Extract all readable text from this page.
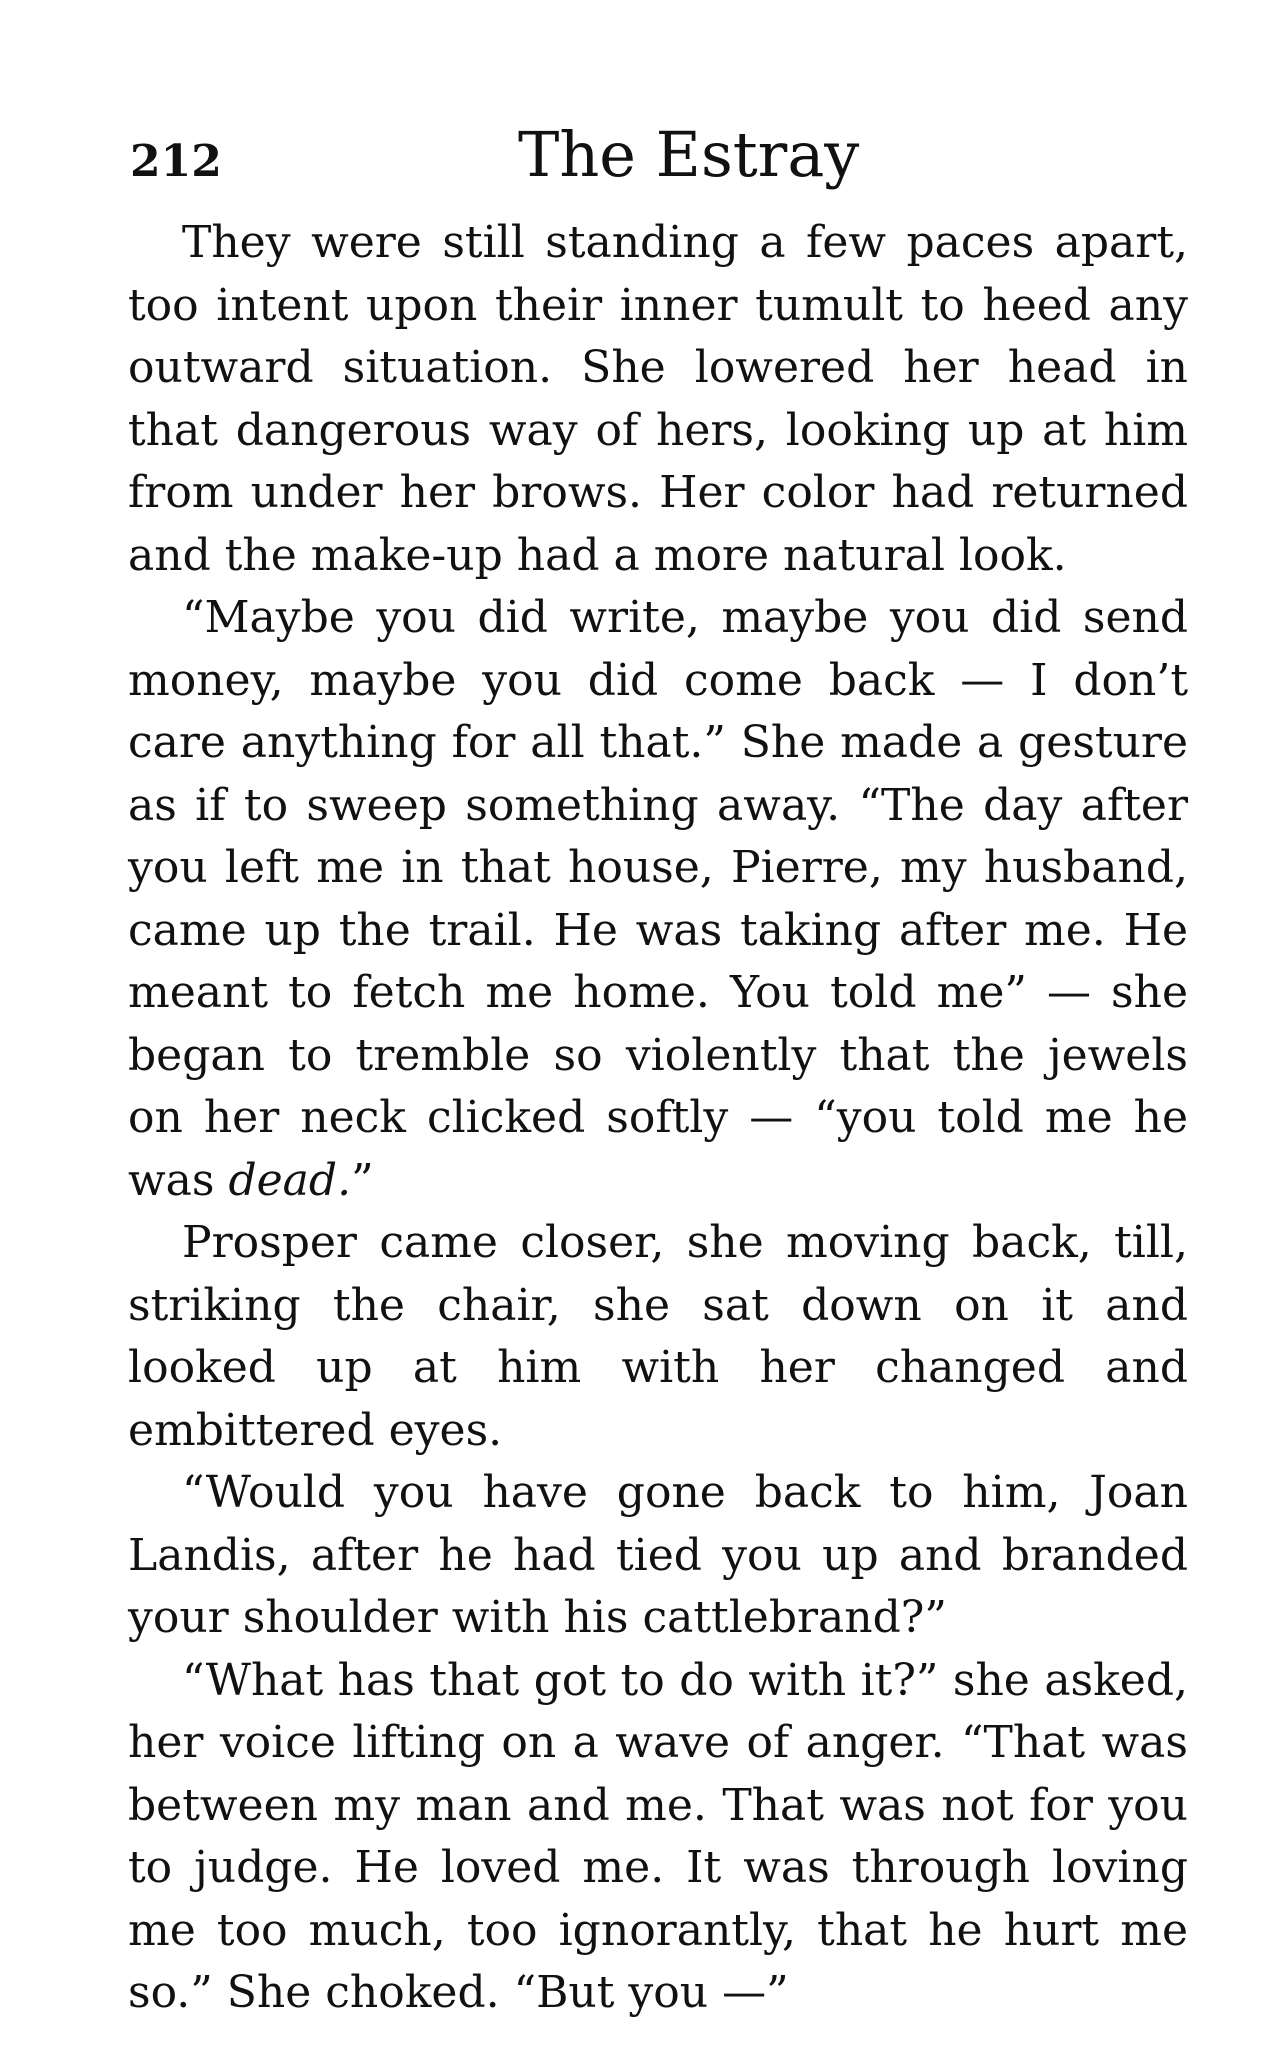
212	The Estray

They were still standing a few paces apart, too intent upon their inner tumult to heed any outward situation. She lowered her head in that dangerous way of hers, looking up at him from under her brows. Her color had returned and the make-up had a more natural look.

“Maybe you did write, maybe you did send money, maybe you did come back — I don’t care anything for all that.” She made a gesture as if to sweep something away. “The day after you left me in that house, Pierre, my husband, came up the trail. He was taking after me. He meant to fetch me home. You told me” — she began to tremble so violently that the jewels on her neck clicked softly — “you told me he was dead.”

Prosper came closer, she moving back, till, striking the chair, she sat down on it and looked up at him with her changed and embittered eyes.

“Would you have gone back to him, Joan Landis, after he had tied you up and branded your shoulder with his cattlebrand?”

“What has that got to do with it?” she asked, her voice lifting on a wave of anger. “That was between my man and me. That was not for you to judge. He loved me. It was through loving me too much, too ignorantly, that he hurt me so.” She choked. “But you —”
